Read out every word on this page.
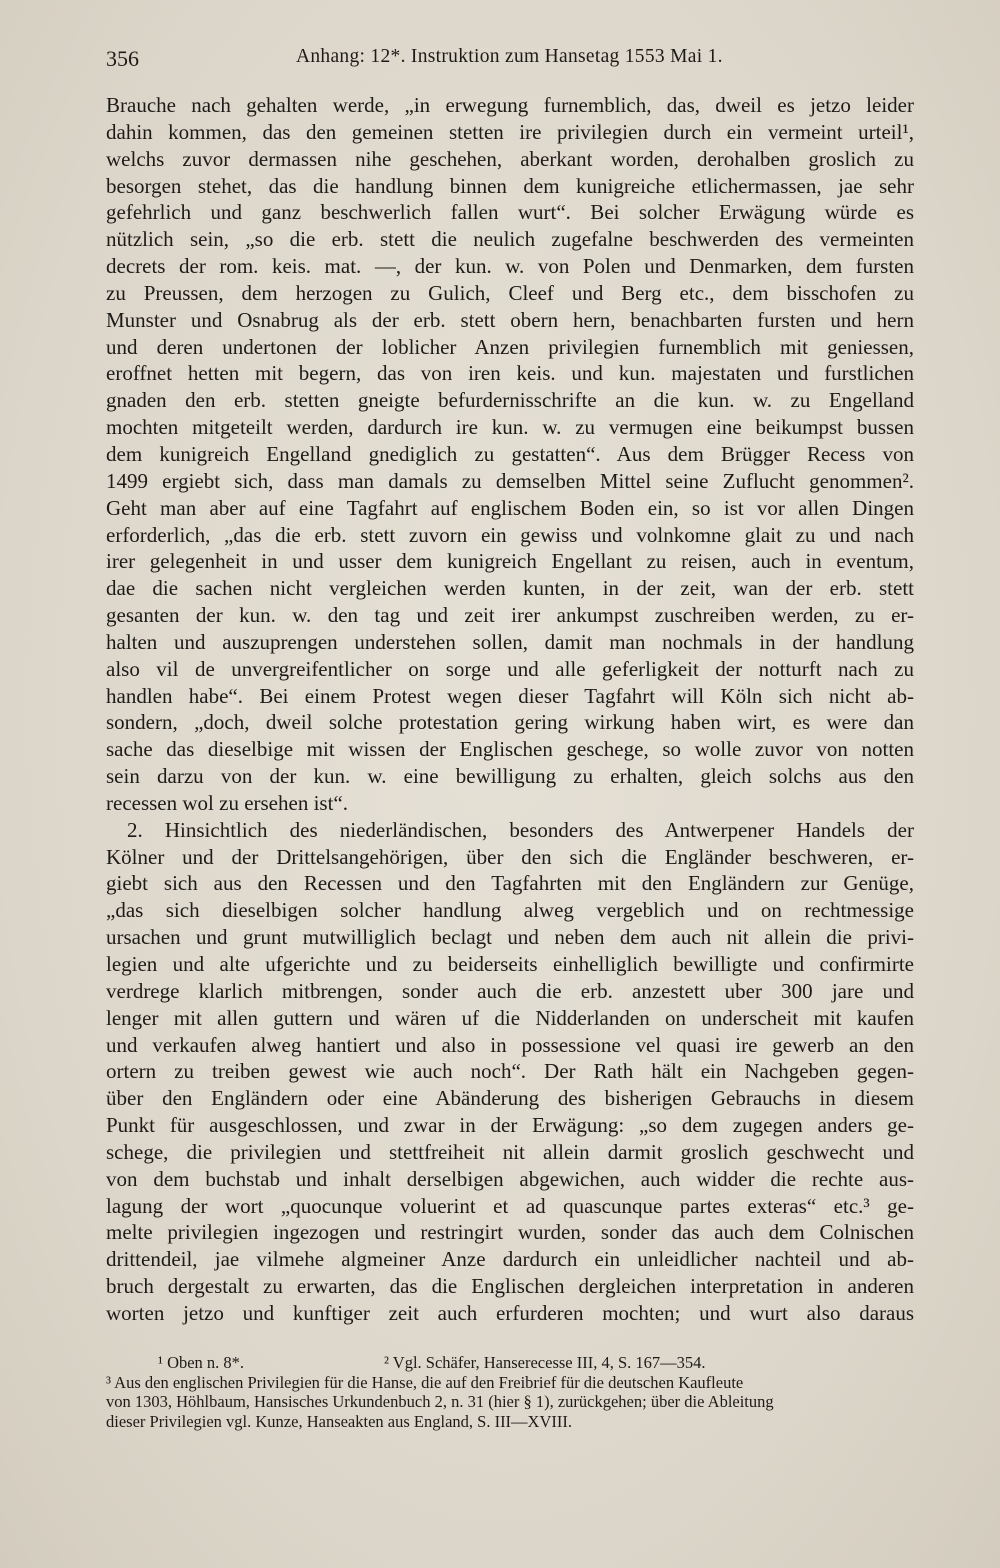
356	Anhang: 12*. Instruktion zum Hansetag 1553 Mai 1.
Brauche nach gehalten werde, „in erwegung furnemblich, das, dweil es jetzo leider
dahin kommen, das den gemeinen stetten ire privilegien durch ein vermeint urteil¹,
welchs zuvor dermassen nihe geschehen, aberkant worden, derohalben groslich zu
besorgen stehet, das die handlung binnen dem kunigreiche etlichermassen, jae sehr
gefehrlich und ganz beschwerlich fallen wurt“. Bei solcher Erwägung würde es
nützlich sein, „so die erb. stett die neulich zugefalne beschwerden des vermeinten
decrets der rom. keis. mat. —, der kun. w. von Polen und Denmarken, dem fursten
zu Preussen, dem herzogen zu Gulich, Cleef und Berg etc., dem bisschofen zu
Munster und Osnabrug als der erb. stett obern hern, benachbarten fursten und hern
und deren undertonen der loblicher Anzen privilegien furnemblich mit geniessen,
eroffnet hetten mit begern, das von iren keis. und kun. majestaten und furstlichen
gnaden den erb. stetten gneigte befurdernisschrifte an die kun. w. zu Engelland
mochten mitgeteilt werden, dardurch ire kun. w. zu vermugen eine beikumpst bussen
dem kunigreich Engelland gnediglich zu gestatten“. Aus dem Brügger Recess von
1499 ergiebt sich, dass man damals zu demselben Mittel seine Zuflucht genommen².
Geht man aber auf eine Tagfahrt auf englischem Boden ein, so ist vor allen Dingen
erforderlich, „das die erb. stett zuvorn ein gewiss und volnkomne glait zu und nach
irer gelegenheit in und usser dem kunigreich Engellant zu reisen, auch in eventum,
dae die sachen nicht vergleichen werden kunten, in der zeit, wan der erb. stett
gesanten der kun. w. den tag und zeit irer ankumpst zuschreiben werden, zu er-
halten und auszuprengen understehen sollen, damit man nochmals in der handlung
also vil de unvergreifentlicher on sorge und alle geferligkeit der notturft nach zu
handlen habe“. Bei einem Protest wegen dieser Tagfahrt will Köln sich nicht ab-
sondern, „doch, dweil solche protestation gering wirkung haben wirt, es were dan
sache das dieselbige mit wissen der Englischen geschege, so wolle zuvor von notten
sein darzu von der kun. w. eine bewilligung zu erhalten, gleich solchs aus den
recessen wol zu ersehen ist“.
 2. Hinsichtlich des niederländischen, besonders des Antwerpener Handels der
Kölner und der Drittelsangehörigen, über den sich die Engländer beschweren, er-
giebt sich aus den Recessen und den Tagfahrten mit den Engländern zur Genüge,
„das sich dieselbigen solcher handlung alweg vergeblich und on rechtmessige
ursachen und grunt mutwilliglich beclagt und neben dem auch nit allein die privi-
legien und alte ufgerichte und zu beiderseits einhelliglich bewilligte und confirmirte
verdrege klarlich mitbrengen, sonder auch die erb. anzestett uber 300 jare und
lenger mit allen guttern und wären uf die Nidderlanden on underscheit mit kaufen
und verkaufen alweg hantiert und also in possessione vel quasi ire gewerb an den
ortern zu treiben gewest wie auch noch“. Der Rath hält ein Nachgeben gegen-
über den Engländern oder eine Abänderung des bisherigen Gebrauchs in diesem
Punkt für ausgeschlossen, und zwar in der Erwägung: „so dem zugegen anders ge-
schege, die privilegien und stettfreiheit nit allein darmit groslich geschwecht und
von dem buchstab und inhalt derselbigen abgewichen, auch widder die rechte aus-
lagung der wort „quocunque voluerint et ad quascunque partes exteras“ etc.³ ge-
melte privilegien ingezogen und restringirt wurden, sonder das auch dem Colnischen
drittendeil, jae vilmehe algmeiner Anze dardurch ein unleidlicher nachteil und ab-
bruch dergestalt zu erwarten, das die Englischen dergleichen interpretation in anderen
worten jetzo und kunftiger zeit auch erfurderen mochten; und wurt also daraus
¹ Oben n. 8*.	² Vgl. Schäfer, Hanserecesse III, 4, S. 167—354.
³ Aus den englischen Privilegien für die Hanse, die auf den Freibrief für die deutschen Kaufleute
von 1303, Höhlbaum, Hansisches Urkundenbuch 2, n. 31 (hier § 1), zurückgehen; über die Ableitung
dieser Privilegien vgl. Kunze, Hanseakten aus England, S. III—XVIII.
